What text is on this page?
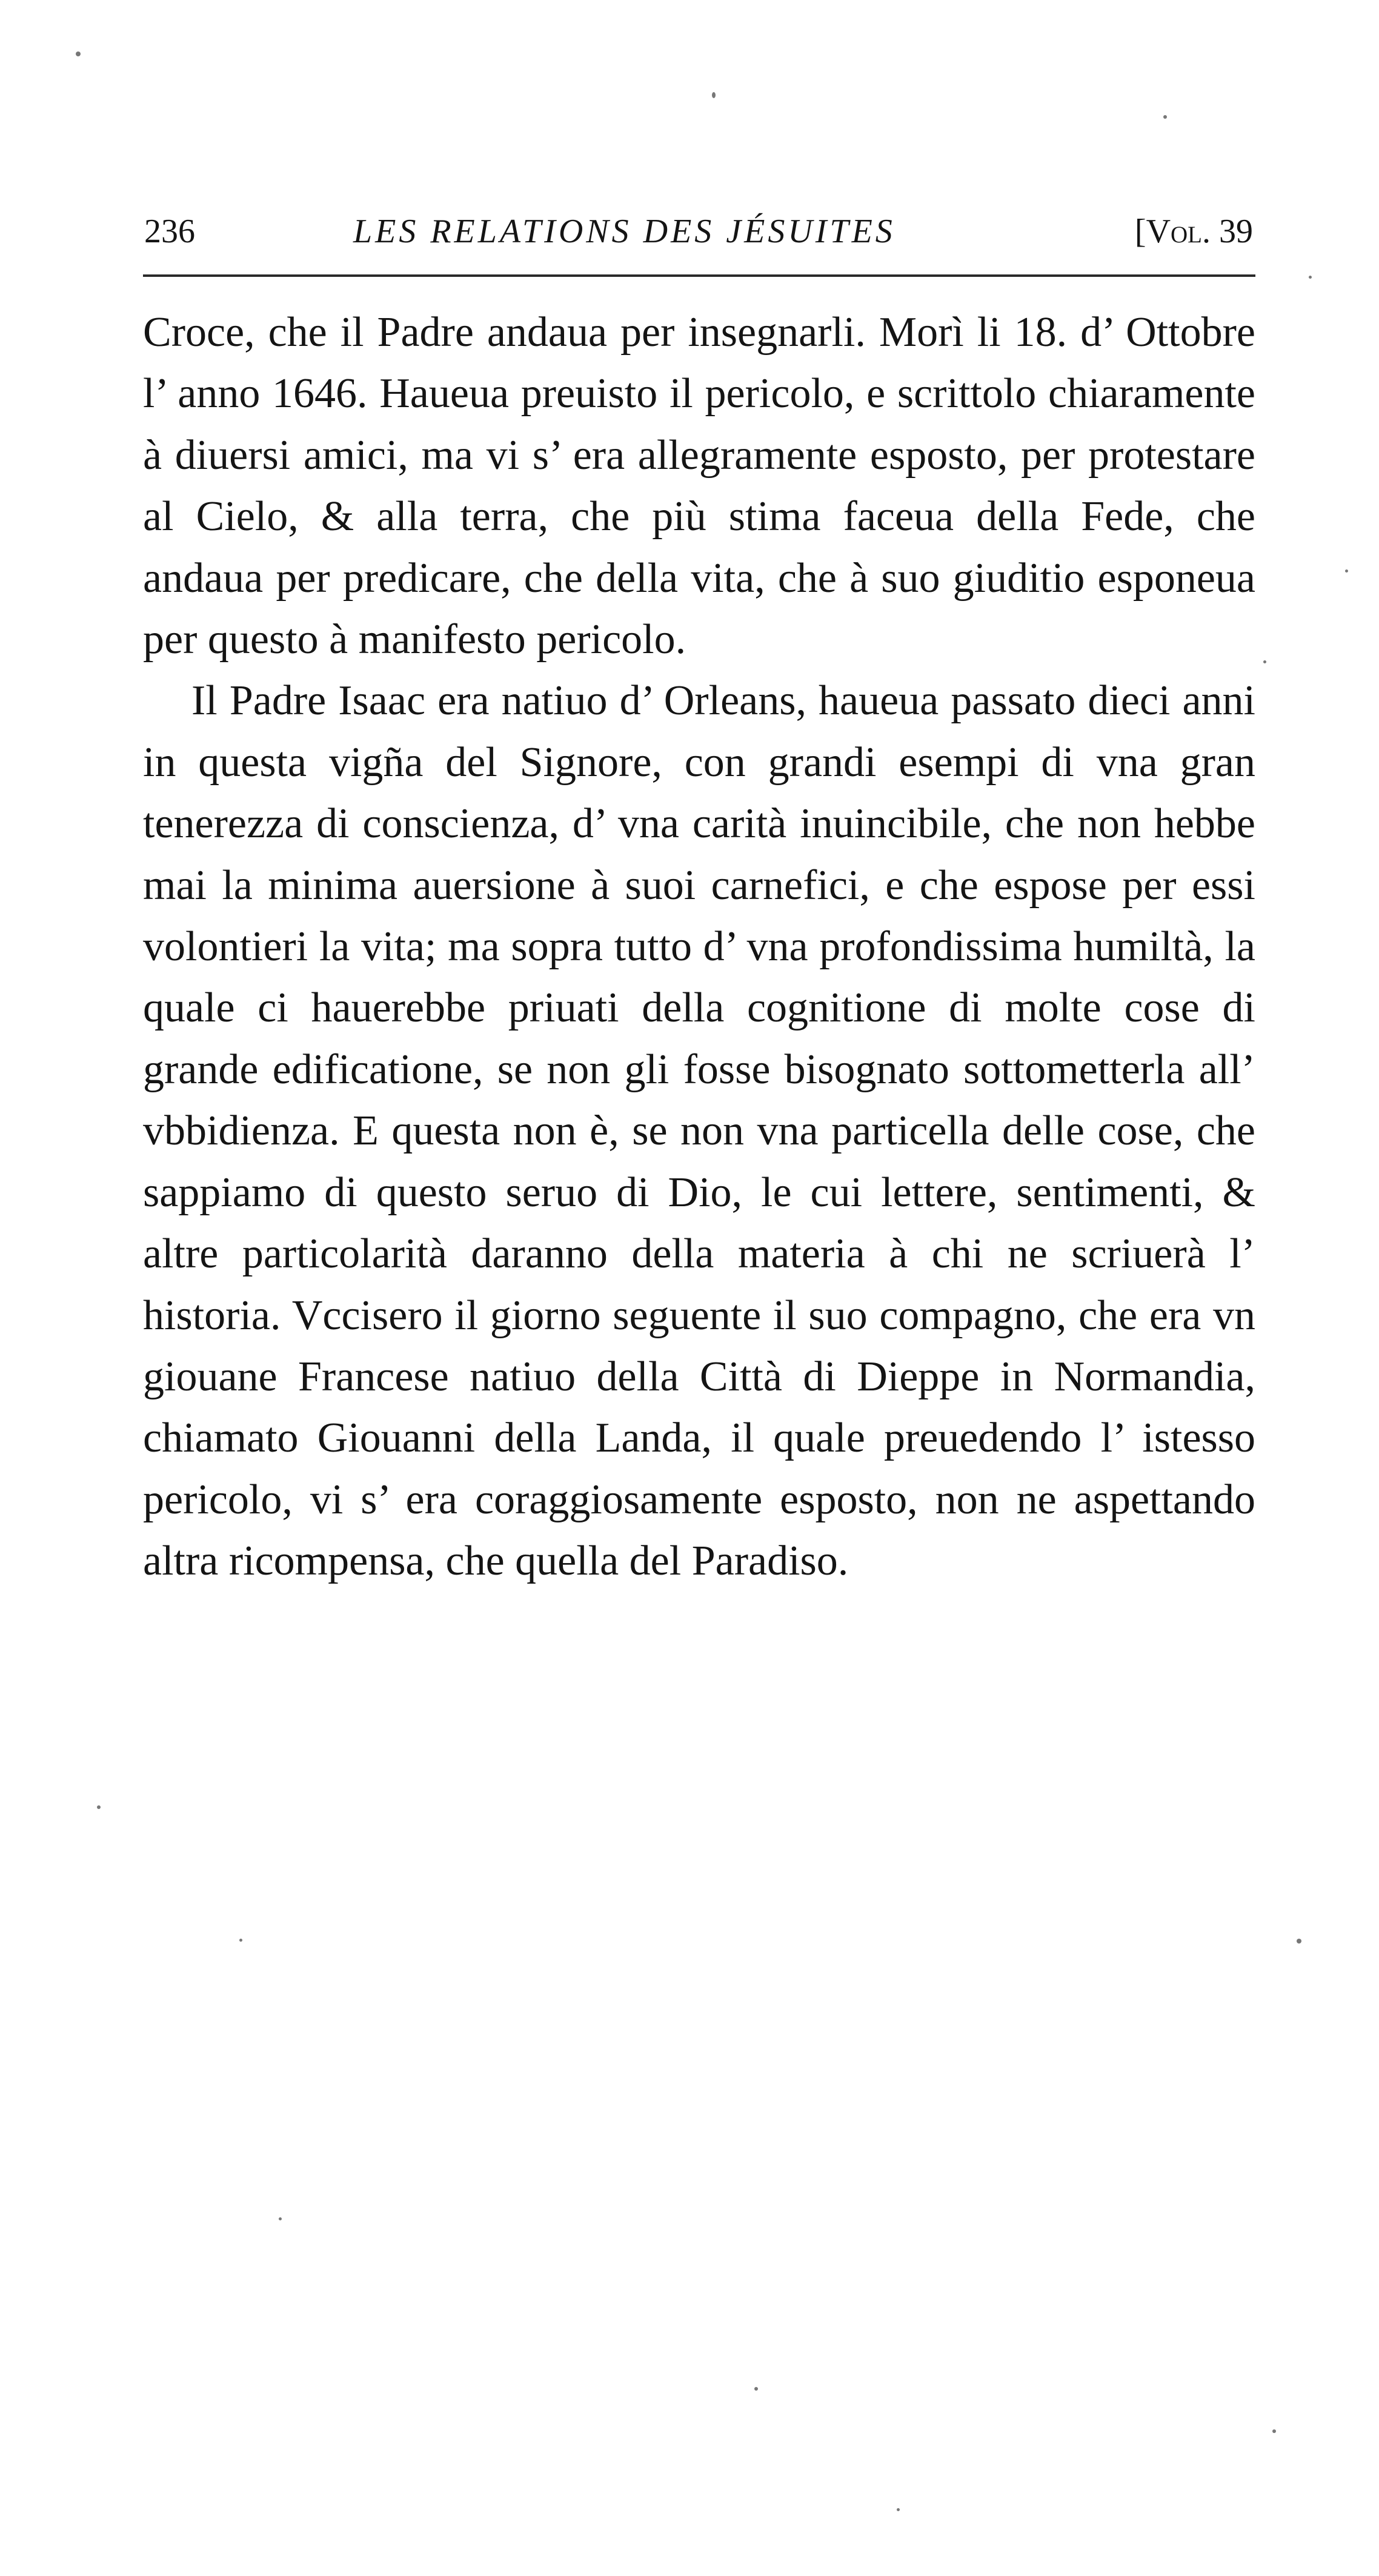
236	LES RELATIONS DES JÉSUITES	[Vol. 39

Croce, che il Padre andaua per insegnarli. Morì li 18. d’ Ottobre l’ anno 1646. Haueua preuisto il pericolo, e scrittolo chiaramente à diuersi amici, ma vi s’ era allegramente esposto, per protestare al Cielo, & alla terra, che più stima faceua della Fede, che andaua per predicare, che della vita, che à suo giuditio esponeua per questo à manifesto pericolo.

Il Padre Isaac era natiuo d’ Orleans, haueua passato dieci anni in questa vigña del Signore, con grandi esempi di vna gran tenerezza di conscienza, d’ vna carità inuincibile, che non hebbe mai la minima auersione à suoi carnefici, e che espose per essi volontieri la vita; ma sopra tutto d’ vna profondissima humiltà, la quale ci hauerebbe priuati della cognitione di molte cose di grande edificatione, se non gli fosse bisognato sottometterla all’ vbbidienza. E questa non è, se non vna particella delle cose, che sappiamo di questo seruo di Dio, le cui lettere, sentimenti, & altre particolarità daranno della materia à chi ne scriuerà l’ historia. Vccisero il giorno seguente il suo compagno, che era vn giouane Francese natiuo della Città di Dieppe in Normandia, chiamato Giouanni della Landa, il quale preuedendo l’ istesso pericolo, vi s’ era coraggiosamente esposto, non ne aspettando altra ricompensa, che quella del Paradiso.
